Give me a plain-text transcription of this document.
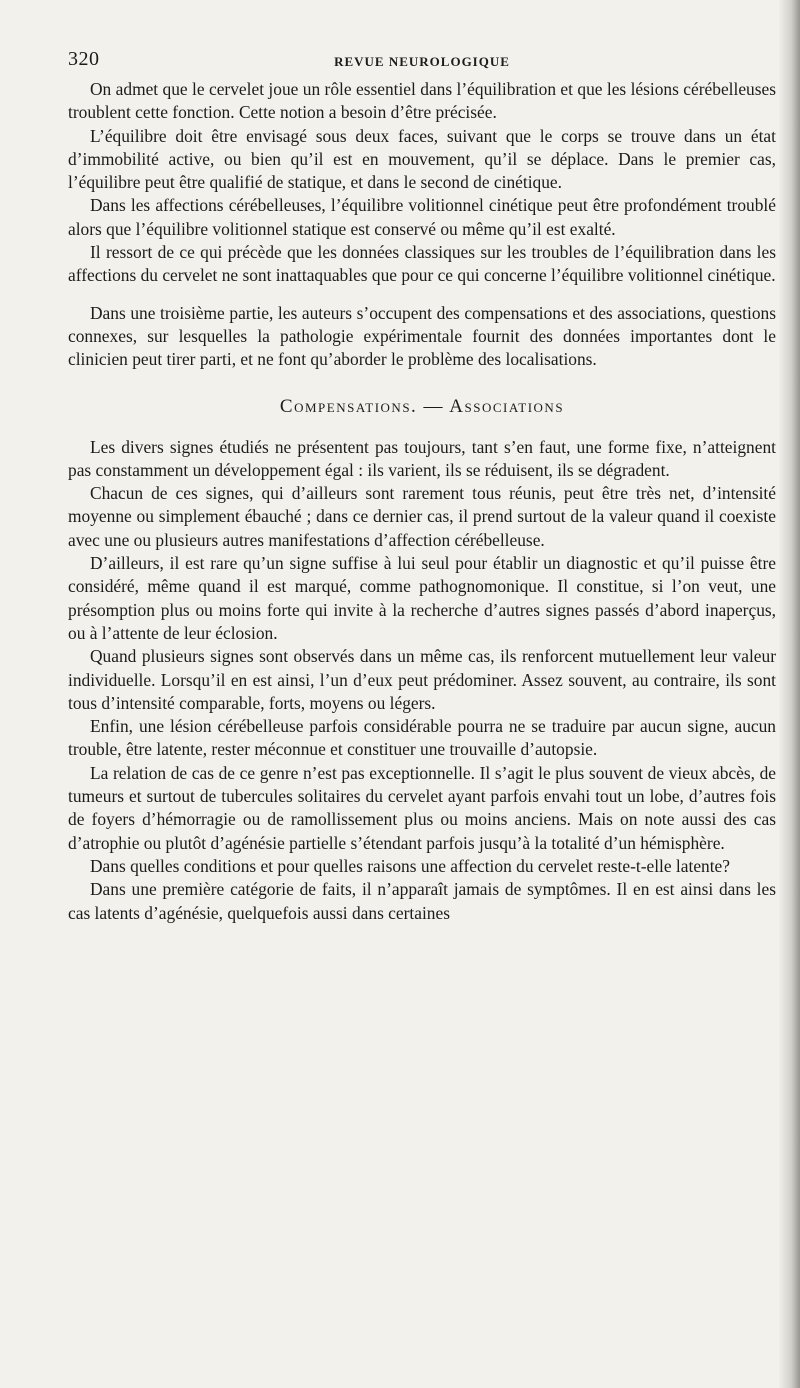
320	REVUE NEUROLOGIQUE

On admet que le cervelet joue un rôle essentiel dans l’équilibration et que les lésions cérébelleuses troublent cette fonction. Cette notion a besoin d’être précisée.

L’équilibre doit être envisagé sous deux faces, suivant que le corps se trouve dans un état d’immobilité active, ou bien qu’il est en mouvement, qu’il se déplace. Dans le premier cas, l’équilibre peut être qualifié de statique, et dans le second de cinétique.

Dans les affections cérébelleuses, l’équilibre volitionnel cinétique peut être profondément troublé alors que l’équilibre volitionnel statique est conservé ou même qu’il est exalté.

Il ressort de ce qui précède que les données classiques sur les troubles de l’équilibration dans les affections du cervelet ne sont inattaquables que pour ce qui concerne l’équilibre volitionnel cinétique.

Dans une troisième partie, les auteurs s’occupent des compensations et des associations, questions connexes, sur lesquelles la pathologie expérimentale fournit des données importantes dont le clinicien peut tirer parti, et ne font qu’aborder le problème des localisations.

Compensations. — Associations

Les divers signes étudiés ne présentent pas toujours, tant s’en faut, une forme fixe, n’atteignent pas constamment un développement égal : ils varient, ils se réduisent, ils se dégradent.

Chacun de ces signes, qui d’ailleurs sont rarement tous réunis, peut être très net, d’intensité moyenne ou simplement ébauché ; dans ce dernier cas, il prend surtout de la valeur quand il coexiste avec une ou plusieurs autres manifestations d’affection cérébelleuse.

D’ailleurs, il est rare qu’un signe suffise à lui seul pour établir un diagnostic et qu’il puisse être considéré, même quand il est marqué, comme pathognomonique. Il constitue, si l’on veut, une présomption plus ou moins forte qui invite à la recherche d’autres signes passés d’abord inaperçus, ou à l’attente de leur éclosion.

Quand plusieurs signes sont observés dans un même cas, ils renforcent mutuellement leur valeur individuelle. Lorsqu’il en est ainsi, l’un d’eux peut prédominer. Assez souvent, au contraire, ils sont tous d’intensité comparable, forts, moyens ou légers.

Enfin, une lésion cérébelleuse parfois considérable pourra ne se traduire par aucun signe, aucun trouble, être latente, rester méconnue et constituer une trouvaille d’autopsie.

La relation de cas de ce genre n’est pas exceptionnelle. Il s’agit le plus souvent de vieux abcès, de tumeurs et surtout de tubercules solitaires du cervelet ayant parfois envahi tout un lobe, d’autres fois de foyers d’hémorragie ou de ramollissement plus ou moins anciens. Mais on note aussi des cas d’atrophie ou plutôt d’agénésie partielle s’étendant parfois jusqu’à la totalité d’un hémisphère.

Dans quelles conditions et pour quelles raisons une affection du cervelet reste-t-elle latente?

Dans une première catégorie de faits, il n’apparaît jamais de symptômes. Il en est ainsi dans les cas latents d’agénésie, quelquefois aussi dans certaines
